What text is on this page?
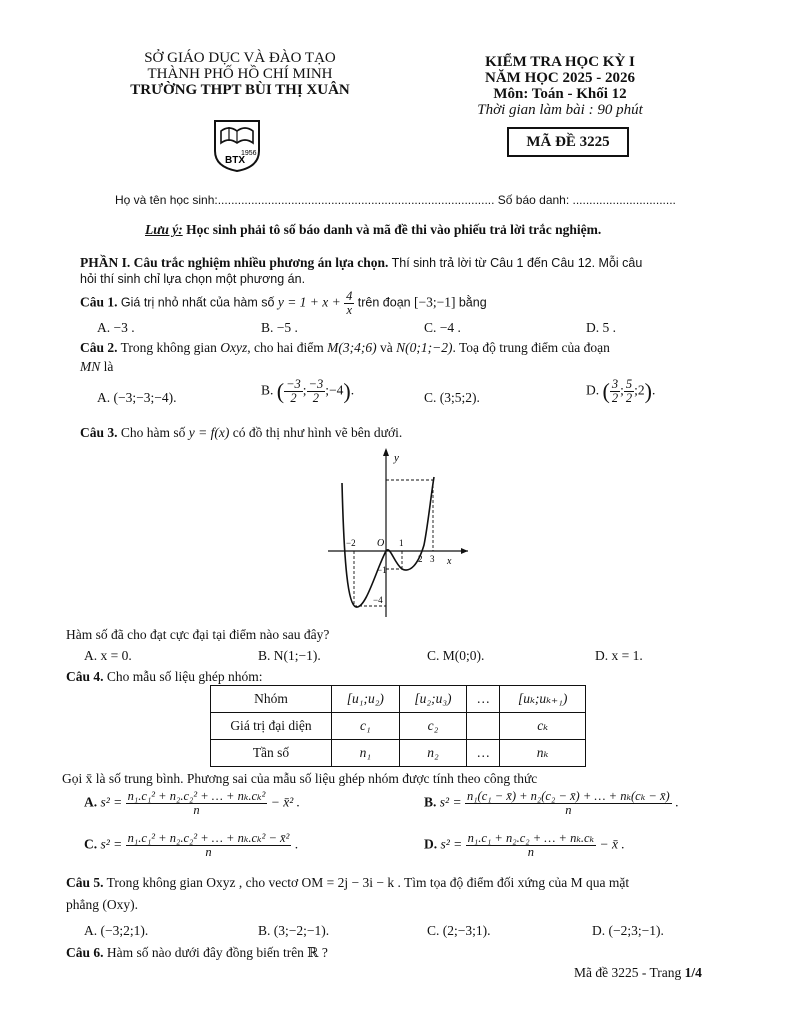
SỞ GIÁO DỤC VÀ ĐÀO TẠO
THÀNH PHỐ HỒ CHÍ MINH
TRƯỜNG THPT BÙI THỊ XUÂN
1956
BTX
KIỂM TRA HỌC KỲ I
NĂM HỌC 2025 - 2026
Môn: Toán - Khối 12
Thời gian làm bài : 90 phút
MÃ ĐỀ 3225
Họ và tên học sinh:................................................................................... Số báo danh: ...............................
Lưu ý: Học sinh phải tô số báo danh và mã đề thi vào phiếu trả lời trắc nghiệm.
PHẦN I. Câu trắc nghiệm nhiều phương án lựa chọn. Thí sinh trả lời từ Câu 1 đến Câu 12. Mỗi câu
hỏi thí sinh chỉ lựa chọn một phương án.
Câu 1. Giá trị nhỏ nhất của hàm số $y = 1 + x + \frac{4}{x}$ trên đoạn [−3;−1] bằng
A. −3 .	B. −5 .	C. −4 .	D. 5 .
Câu 2. Trong không gian Oxyz, cho hai điểm M(3;4;6) và N(0;1;−2). Toạ độ trung điểm của đoạn
MN là
A. (−3;−3;−4).	B. ( $\frac{-3}{2}$ ; $\frac{-3}{2}$ ;−4).	C. (3;5;2).	D. ( $\frac{3}{2}$ ; $\frac{5}{2}$ ;2).
Câu 3. Cho hàm số y = f(x) có đồ thị như hình vẽ bên dưới.
y
x
O
−2	1
2 3
−1
−4
Hàm số đã cho đạt cực đại tại điểm nào sau đây?
A. x = 0.	B. N(1;−1).	C. M(0;0).	D. x = 1.
Câu 4. Cho mẫu số liệu ghép nhóm:
Nhóm	[u₁;u₂)	[u₂;u₃)	…	[uₖ;uₖ₊₁)
Giá trị đại diện	c₁	c₂		cₖ
Tần số	n₁	n₂	…	nₖ
Gọi x̄ là số trung bình. Phương sai của mẫu số liệu ghép nhóm được tính theo công thức
A. $s^2 = \frac{\text{n₁.c₁² + n₂.c₂² + … + nₖ.cₖ²}}{n}$ − x̄² .	B. $s^2 = \frac{\text{n₁(c₁ − x̄) + n₂(c₂ − x̄) + … + nₖ(cₖ − x̄)}}{n}$ .
C. $s^2 = \frac{\text{n₁.c₁² + n₂.c₂² + … + nₖ.cₖ² − x̄²}}{n}$ .	D. $s^2 = \frac{\text{n₁.c₁ + n₂.c₂ + … + nₖ.cₖ}}{n}$ − x̄ .
Câu 5. Trong không gian Oxyz , cho vectơ OM = 2j − 3i − k . Tìm tọa độ điểm đối xứng của M qua mặt
phẳng (Oxy).
A. (−3;2;1).	B. (3;−2;−1).	C. (2;−3;1).	D. (−2;3;−1).
Câu 6. Hàm số nào dưới đây đồng biến trên ℝ ?
Mã đề 3225 - Trang 1/4
